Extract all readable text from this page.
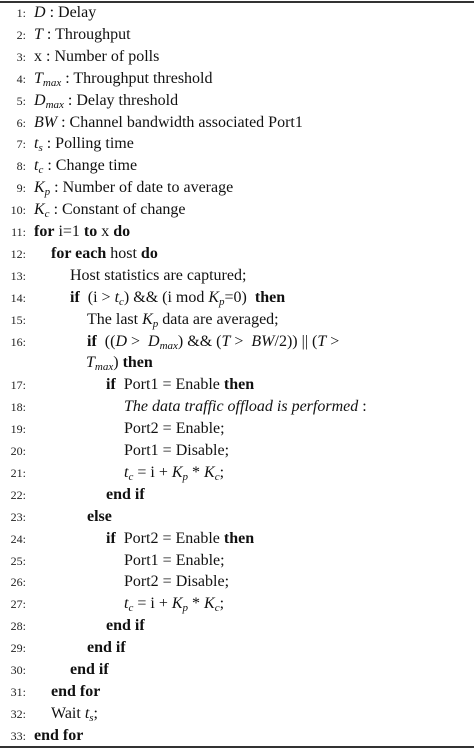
1: D : Delay
2: T : Throughput
3: x : Number of polls
4: $T_{max}$ : Throughput threshold
5: $D_{max}$ : Delay threshold
6: BW : Channel bandwidth associated Port1
7: $t_s$ : Polling time
8: $t_c$ : Change time
9: $K_p$ : Number of date to average
10: $K_c$ : Constant of change
11: for i=1 to x do
12: for each host do
13:	Host statistics are captured;
14:	if  $(i > t_c)$ && (i mod $K_p=0$)  then
15:	The last $K_p$ data are averaged;
16:	if  ($(D > D_{max})$ && (T >  BW/2)) || (T >
$T_{max}$) then
17:	if  Port1 = Enable then
18:	The data traffic offload is performed :
19:	Port2 = Enable;
20:	Port1 = Disable;
21:	$t_c = i + K_p * K_c$;
22:	end if
23:	else
24:	if  Port2 = Enable then
25:	Port1 = Enable;
26:	Port2 = Disable;
27:	$t_c = i + K_p * K_c$;
28:	end if
29:	end if
30:	end if
31: end for
32: Wait $t_s$;
33: end for
